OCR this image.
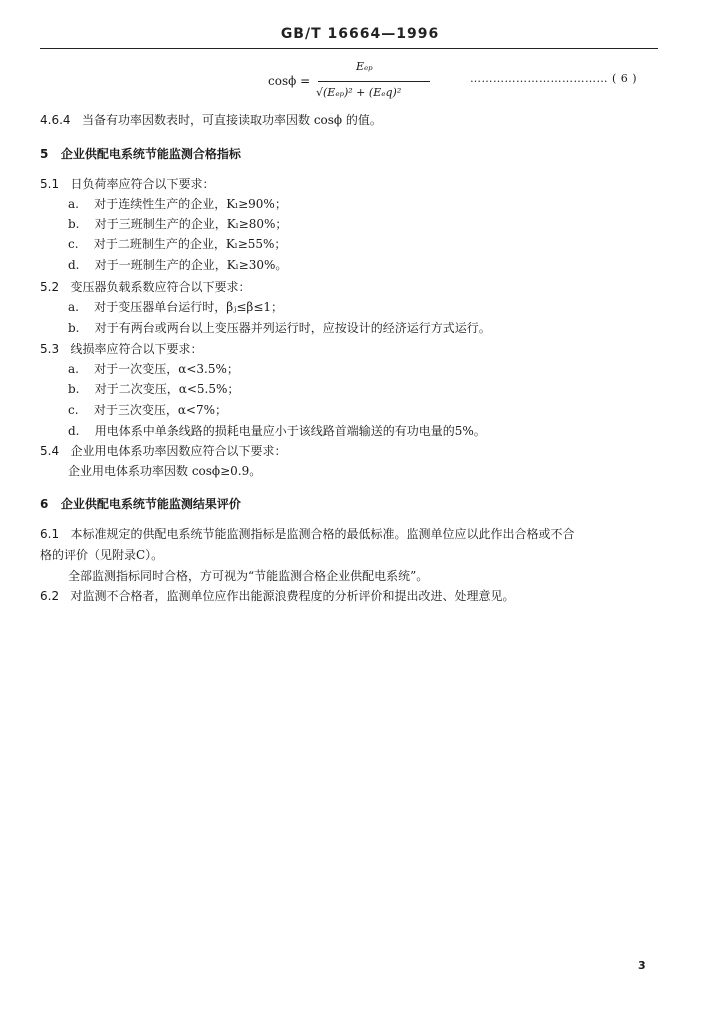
GB/T 16664—1996
cosϕ =
Eₑₚ
√(Eₑₚ)² + (Eₑq)²
……………………………… ( 6 )
4.6.4 当备有功率因数表时，可直接读取功率因数 cosϕ 的值。
5 企业供配电系统节能监测合格指标
5.1 日负荷率应符合以下要求：
a. 对于连续性生产的企业，Kₗ≥90%；
b. 对于三班制生产的企业，Kₗ≥80%；
c. 对于二班制生产的企业，Kₗ≥55%；
d. 对于一班制生产的企业，Kₗ≥30%。
5.2 变压器负载系数应符合以下要求：
a. 对于变压器单台运行时，βⱼ≤β≤1；
b. 对于有两台或两台以上变压器并列运行时，应按设计的经济运行方式运行。
5.3 线损率应符合以下要求：
a. 对于一次变压，α<3.5%；
b. 对于二次变压，α<5.5%；
c. 对于三次变压，α<7%；
d. 用电体系中单条线路的损耗电量应小于该线路首端输送的有功电量的5%。
5.4 企业用电体系功率因数应符合以下要求：
企业用电体系功率因数 cosϕ≥0.9。
6 企业供配电系统节能监测结果评价
6.1 本标准规定的供配电系统节能监测指标是监测合格的最低标准。监测单位应以此作出合格或不合
格的评价（见附录C）。
全部监测指标同时合格，方可视为“节能监测合格企业供配电系统”。
6.2 对监测不合格者，监测单位应作出能源浪费程度的分析评价和提出改进、处理意见。
3
